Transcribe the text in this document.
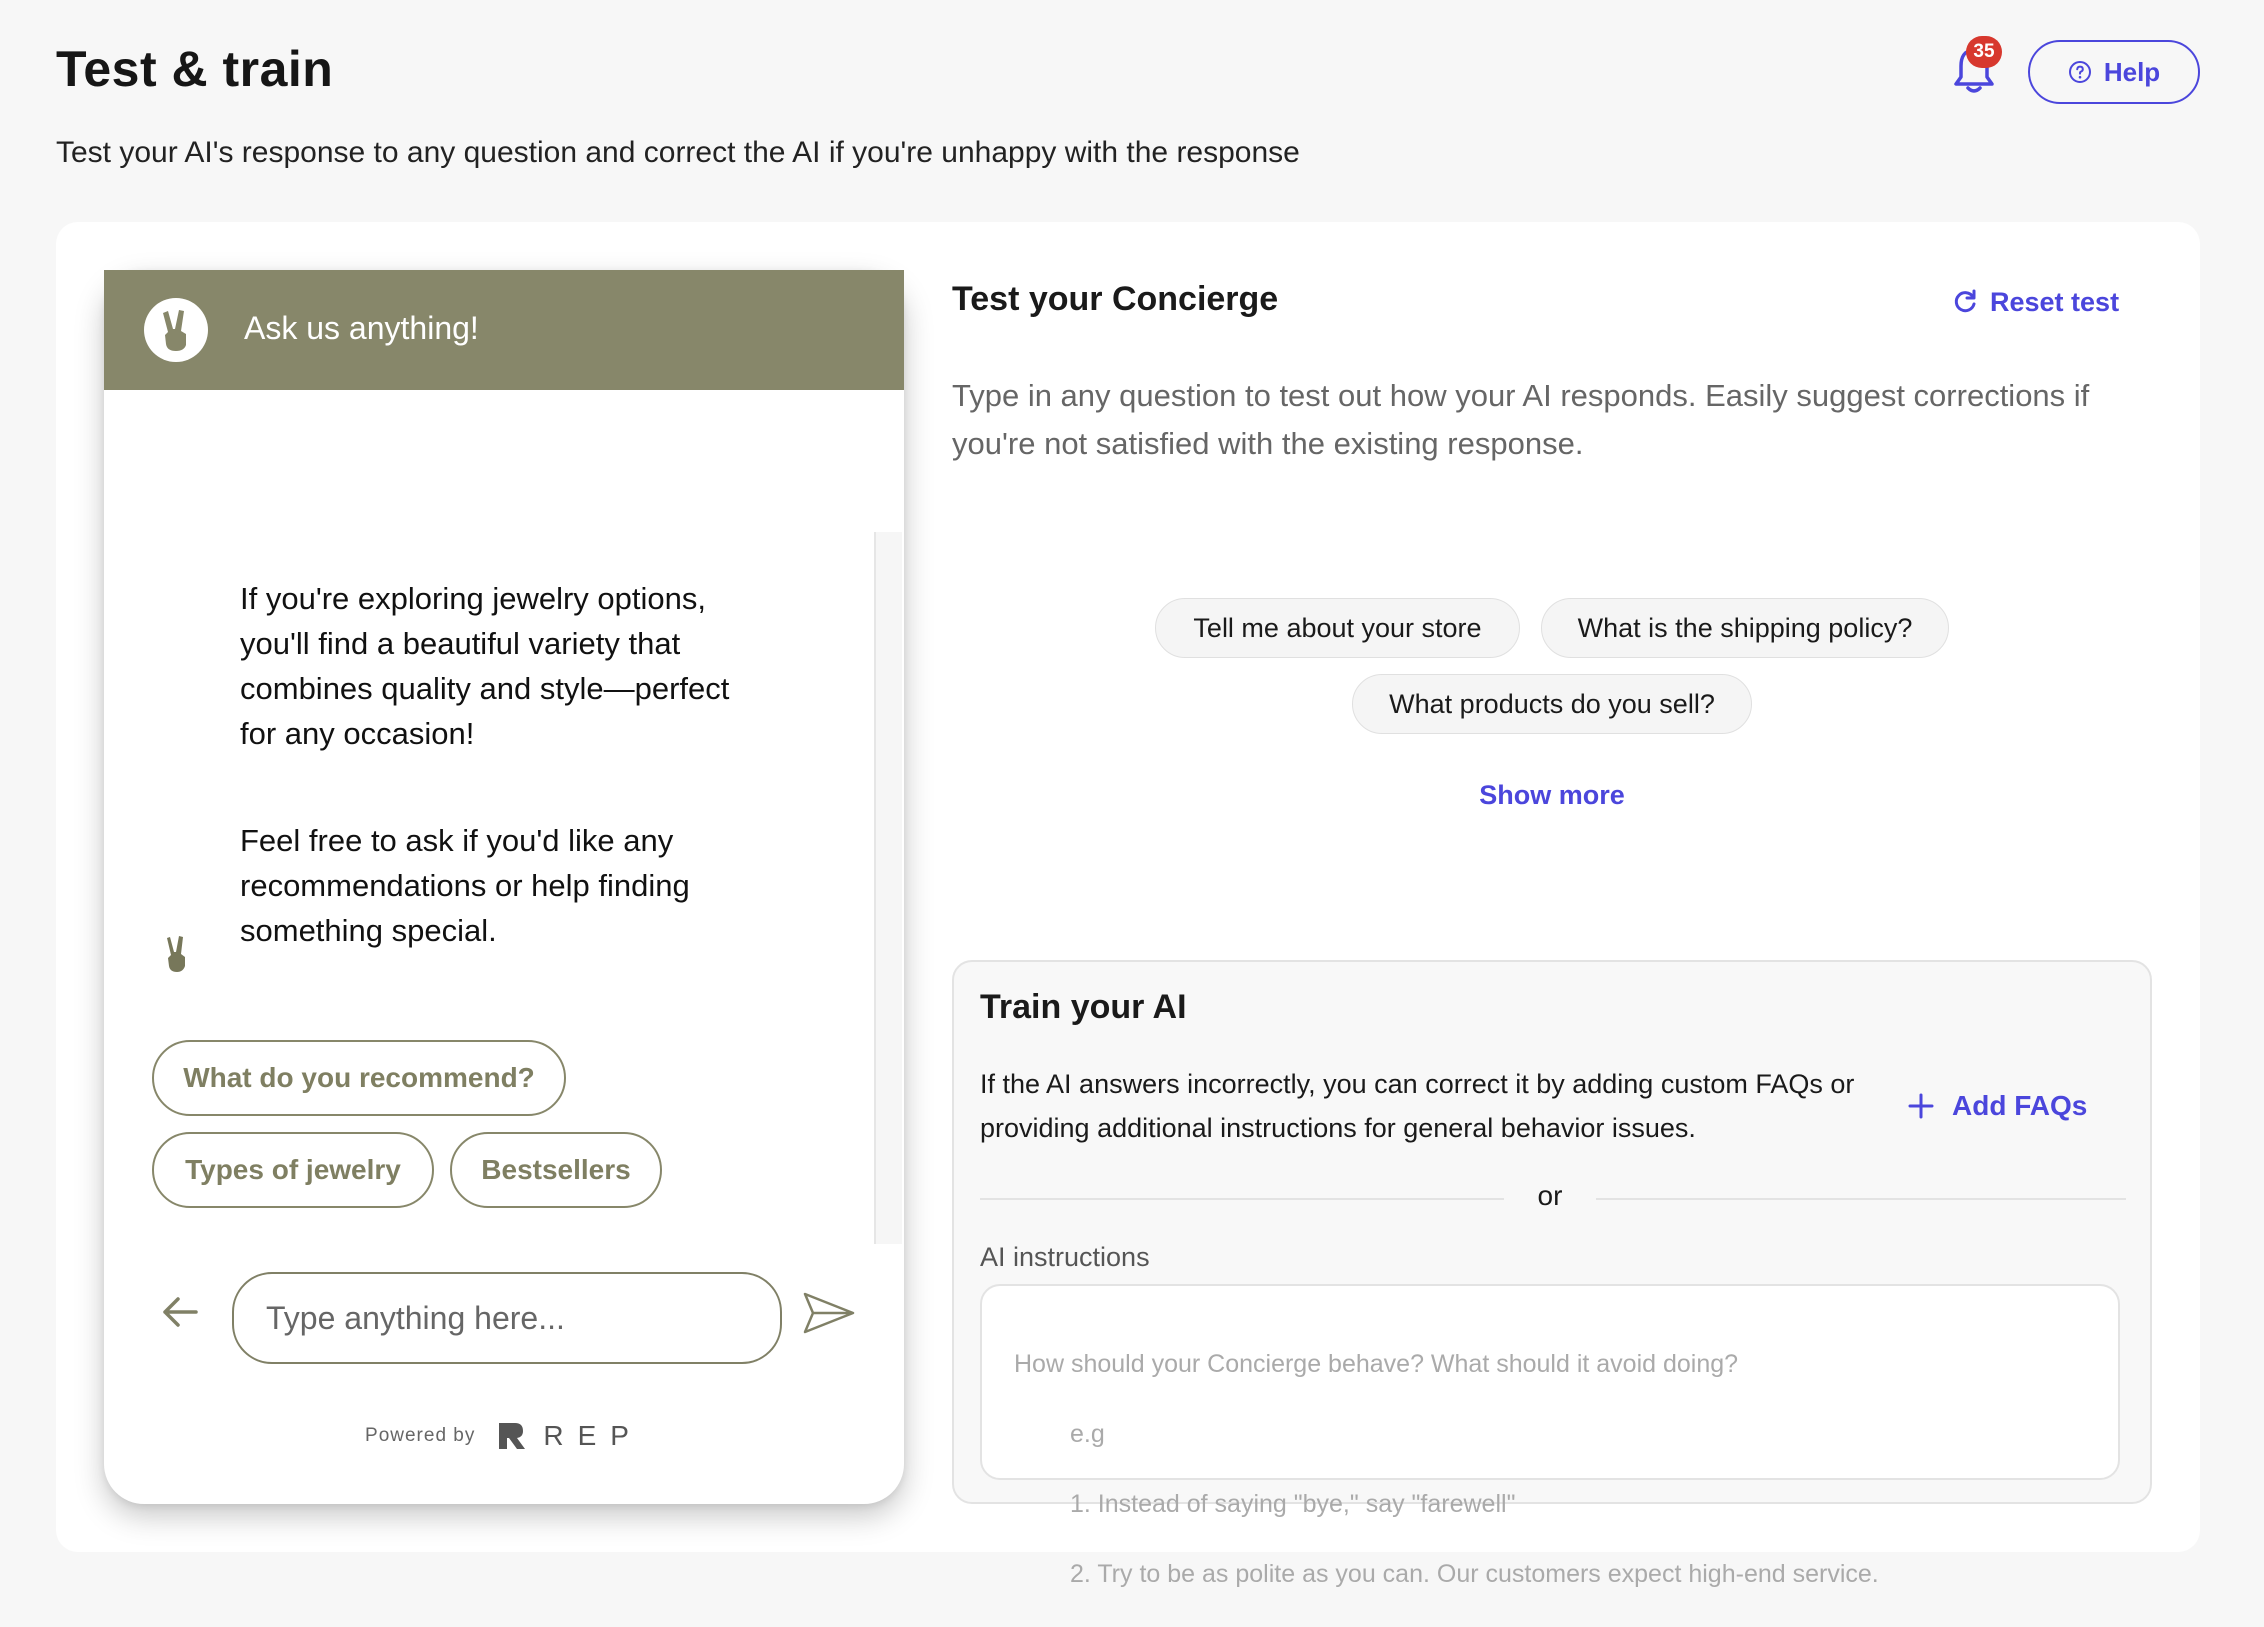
Test & train

Test your AI's response to any question and correct the AI if you're unhappy with the response

35
Help
Ask us anything!
If you're exploring jewelry options, you'll find a beautiful variety that combines quality and style—perfect for any occasion!
Feel free to ask if you'd like any recommendations or help finding something special.
What do you recommend?
Types of jewelry	Bestsellers
Type anything here...
Powered by REP
Test your Concierge	Reset test

Type in any question to test out how your AI responds. Easily suggest corrections if you're not satisfied with the existing response.

Tell me about your store	What is the shipping policy?
What products do you sell?
Show more
Train your AI

If the AI answers incorrectly, you can correct it by adding custom FAQs or providing additional instructions for general behavior issues.

Add FAQs
or
AI instructions

How should your Concierge behave? What should it avoid doing?

e.g

1. Instead of saying "bye," say "farewell"

2. Try to be as polite as you can. Our customers expect high-end service.
